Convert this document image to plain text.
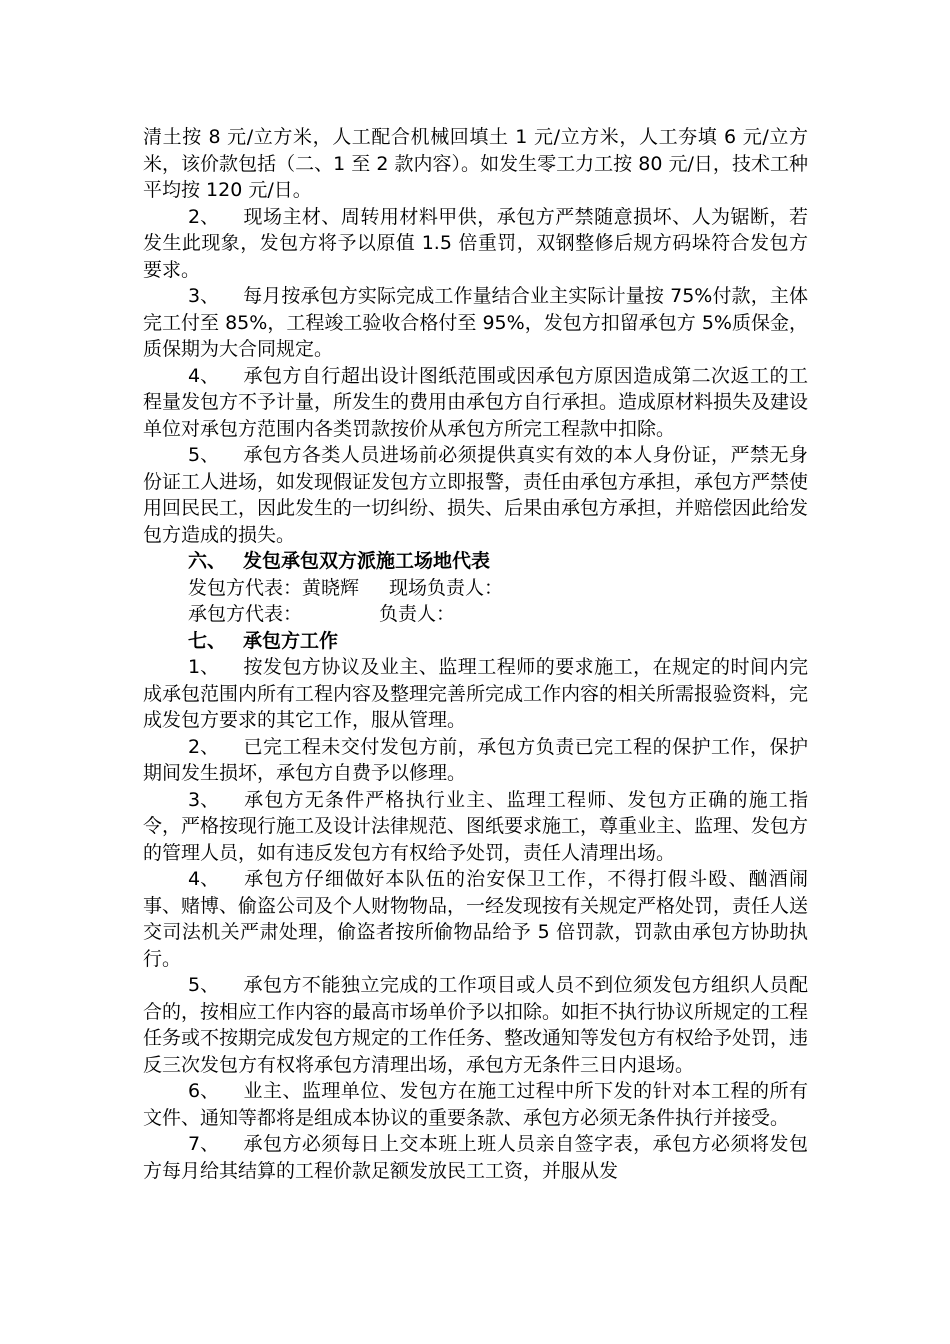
清土按 8 元/立方米，人工配合机械回填土 1 元/立方米，人工夯填 6 元/立方米，该价款包括（二、1 至 2 款内容）。如发生零工力工按 80 元/日，技术工种平均按 120 元/日。

2、 现场主材、周转用材料甲供，承包方严禁随意损坏、人为锯断，若发生此现象，发包方将予以原值 1.5 倍重罚，双钢整修后规方码垛符合发包方要求。

3、 每月按承包方实际完成工作量结合业主实际计量按 75%付款，主体完工付至 85%，工程竣工验收合格付至 95%，发包方扣留承包方 5%质保金，质保期为大合同规定。

4、 承包方自行超出设计图纸范围或因承包方原因造成第二次返工的工程量发包方不予计量，所发生的费用由承包方自行承担。造成原材料损失及建设单位对承包方范围内各类罚款按价从承包方所完工程款中扣除。

5、 承包方各类人员进场前必须提供真实有效的本人身份证，严禁无身份证工人进场，如发现假证发包方立即报警，责任由承包方承担，承包方严禁使用回民民工，因此发生的一切纠纷、损失、后果由承包方承担，并赔偿因此给发包方造成的损失。

六、 发包承包双方派施工场地代表

发包方代表：黄晓辉 现场负责人：

承包方代表：	负责人：

七、 承包方工作

1、 按发包方协议及业主、监理工程师的要求施工，在规定的时间内完成承包范围内所有工程内容及整理完善所完成工作内容的相关所需报验资料，完成发包方要求的其它工作，服从管理。

2、 已完工程未交付发包方前，承包方负责已完工程的保护工作，保护期间发生损坏，承包方自费予以修理。

3、 承包方无条件严格执行业主、监理工程师、发包方正确的施工指令，严格按现行施工及设计法律规范、图纸要求施工，尊重业主、监理、发包方的管理人员，如有违反发包方有权给予处罚，责任人清理出场。

4、 承包方仔细做好本队伍的治安保卫工作，不得打假斗殴、酗酒闹事、赌博、偷盗公司及个人财物物品，一经发现按有关规定严格处罚，责任人送交司法机关严肃处理，偷盗者按所偷物品给予 5 倍罚款，罚款由承包方协助执行。

5、 承包方不能独立完成的工作项目或人员不到位须发包方组织人员配合的，按相应工作内容的最高市场单价予以扣除。如拒不执行协议所规定的工程任务或不按期完成发包方规定的工作任务、整改通知等发包方有权给予处罚，违反三次发包方有权将承包方清理出场，承包方无条件三日内退场。

6、 业主、监理单位、发包方在施工过程中所下发的针对本工程的所有文件、通知等都将是组成本协议的重要条款、承包方必须无条件执行并接受。

7、 承包方必须每日上交本班上班人员亲自签字表，承包方必须将发包方每月给其结算的工程价款足额发放民工工资，并服从发
